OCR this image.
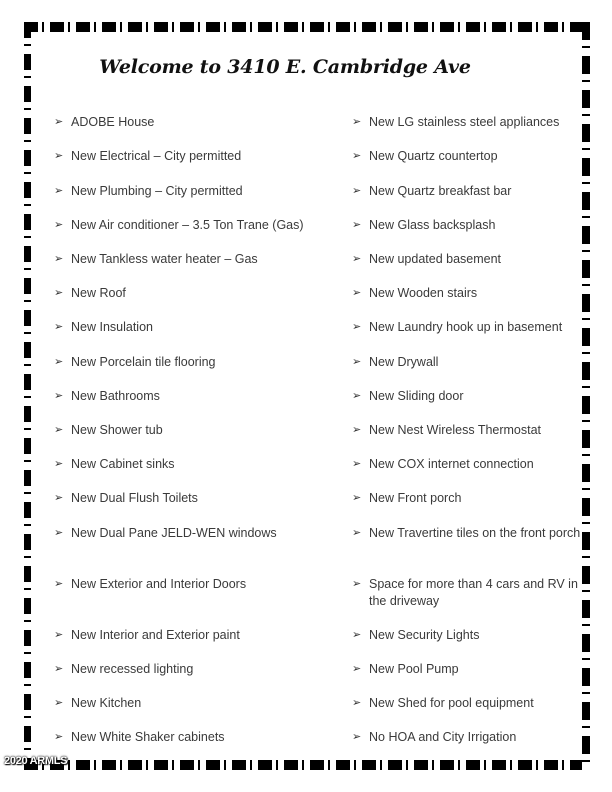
Welcome to 3410 E. Cambridge Ave
➢ ADOBE House
➢ New Electrical – City permitted
➢ New Plumbing – City permitted
➢ New Air conditioner – 3.5 Ton Trane (Gas)
➢ New Tankless water heater – Gas
➢ New Roof
➢ New Insulation
➢ New Porcelain tile flooring
➢ New Bathrooms
➢ New Shower tub
➢ New Cabinet sinks
➢ New Dual Flush Toilets
➢ New Dual Pane JELD-WEN windows
➢ New Exterior and Interior Doors
➢ New Interior and Exterior paint
➢ New recessed lighting
➢ New Kitchen
➢ New White Shaker cabinets
➢ New LG stainless steel appliances
➢ New Quartz countertop
➢ New Quartz breakfast bar
➢ New Glass backsplash
➢ New updated basement
➢ New Wooden stairs
➢ New Laundry hook up in basement
➢ New Drywall
➢ New Sliding door
➢ New Nest Wireless Thermostat
➢ New COX internet connection
➢ New Front porch
➢ New Travertine tiles on the front porch
➢ Space for more than 4 cars and RV in the driveway
➢ New Security Lights
➢ New Pool Pump
➢ New Shed for pool equipment
➢ No HOA and City Irrigation
2020 ARMLS
